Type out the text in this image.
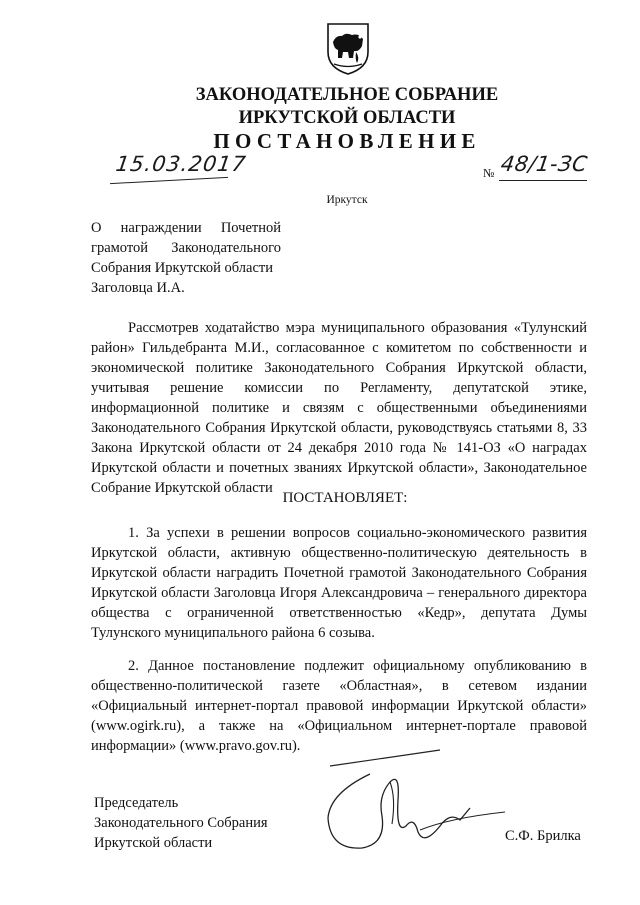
ЗАКОНОДАТЕЛЬНОЕ СОБРАНИЕ
ИРКУТСКОЙ ОБЛАСТИ
ПОСТАНОВЛЕНИЕ
15.03.2017	№ 48/1-ЗС
Иркутск
О награждении Почетной
грамотой Законодательного
Собрания Иркутской области
Заголовца И.А.
Рассмотрев ходатайство мэра муниципального образования «Тулунский район» Гильдебранта М.И., согласованное с комитетом по собственности и экономической политике Законодательного Собрания Иркутской области, учитывая решение комиссии по Регламенту, депутатской этике, информационной политике и связям с общественными объединениями Законодательного Собрания Иркутской области, руководствуясь статьями 8, 33 Закона Иркутской области от 24 декабря 2010 года № 141-ОЗ «О наградах Иркутской области и почетных званиях Иркутской области», Законодательное Собрание Иркутской области
ПОСТАНОВЛЯЕТ:
1. За успехи в решении вопросов социально-экономического развития Иркутской области, активную общественно-политическую деятельность в Иркутской области наградить Почетной грамотой Законодательного Собрания Иркутской области Заголовца Игоря Александровича – генерального директора общества с ограниченной ответственностью «Кедр», депутата Думы Тулунского муниципального района 6 созыва.
2. Данное постановление подлежит официальному опубликованию в общественно-политической газете «Областная», в сетевом издании «Официальный интернет-портал правовой информации Иркутской области» (www.ogirk.ru), а также на «Официальном интернет-портале правовой информации» (www.pravo.gov.ru).
Председатель
Законодательного Собрания
Иркутской области	С.Ф. Брилка
